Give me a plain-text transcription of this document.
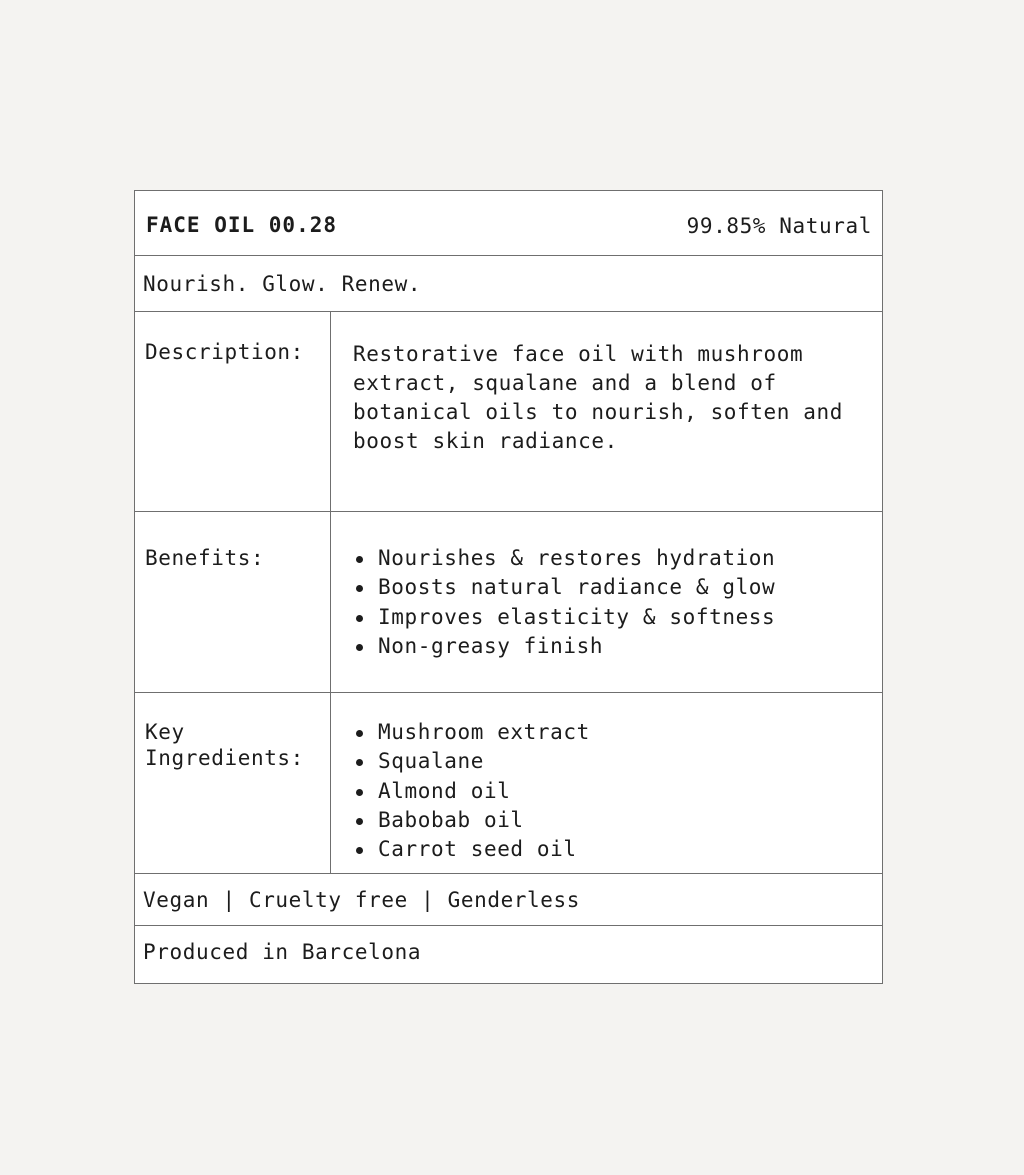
FACE OIL 00.28	99.85% Natural
Nourish. Glow. Renew.
Description: Restorative face oil with mushroom extract, squalane and a blend of botanical oils to nourish, soften and boost skin radiance.
Benefits:	Nourishes & restores hydration
Boosts natural radiance & glow
Improves elasticity & softness
Non-greasy finish
Key
Ingredients:
Mushroom extract
Squalane
Almond oil
Babobab oil
Carrot seed oil
Vegan | Cruelty free | Genderless
Produced in Barcelona
